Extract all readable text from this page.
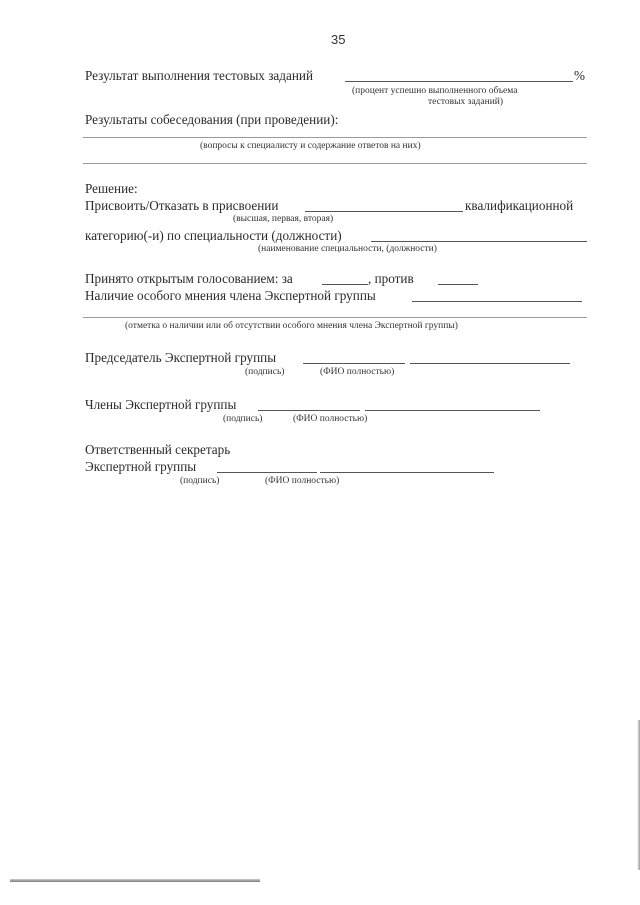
35
Результат выполнения тестовых заданий	%
(процент успешно выполненного объема
тестовых заданий)
Результаты собеседования (при проведении):
(вопросы к специалисту и содержание ответов на них)
Решение:
Присвоить/Отказать в присвоении	квалификационной
(высшая, первая, вторая)
категорию(-и) по специальности (должности)
(наименование специальности, (должности)
Принято открытым голосованием: за	, против
Наличие особого мнения члена Экспертной группы
(отметка о наличии или об отсутствии особого мнения члена Экспертной группы)
Председатель Экспертной группы
(подпись)	(ФИО полностью)
Члены Экспертной группы
(подпись)	(ФИО полностью)
Ответственный секретарь
Экспертной группы
(подпись)	(ФИО полностью)
